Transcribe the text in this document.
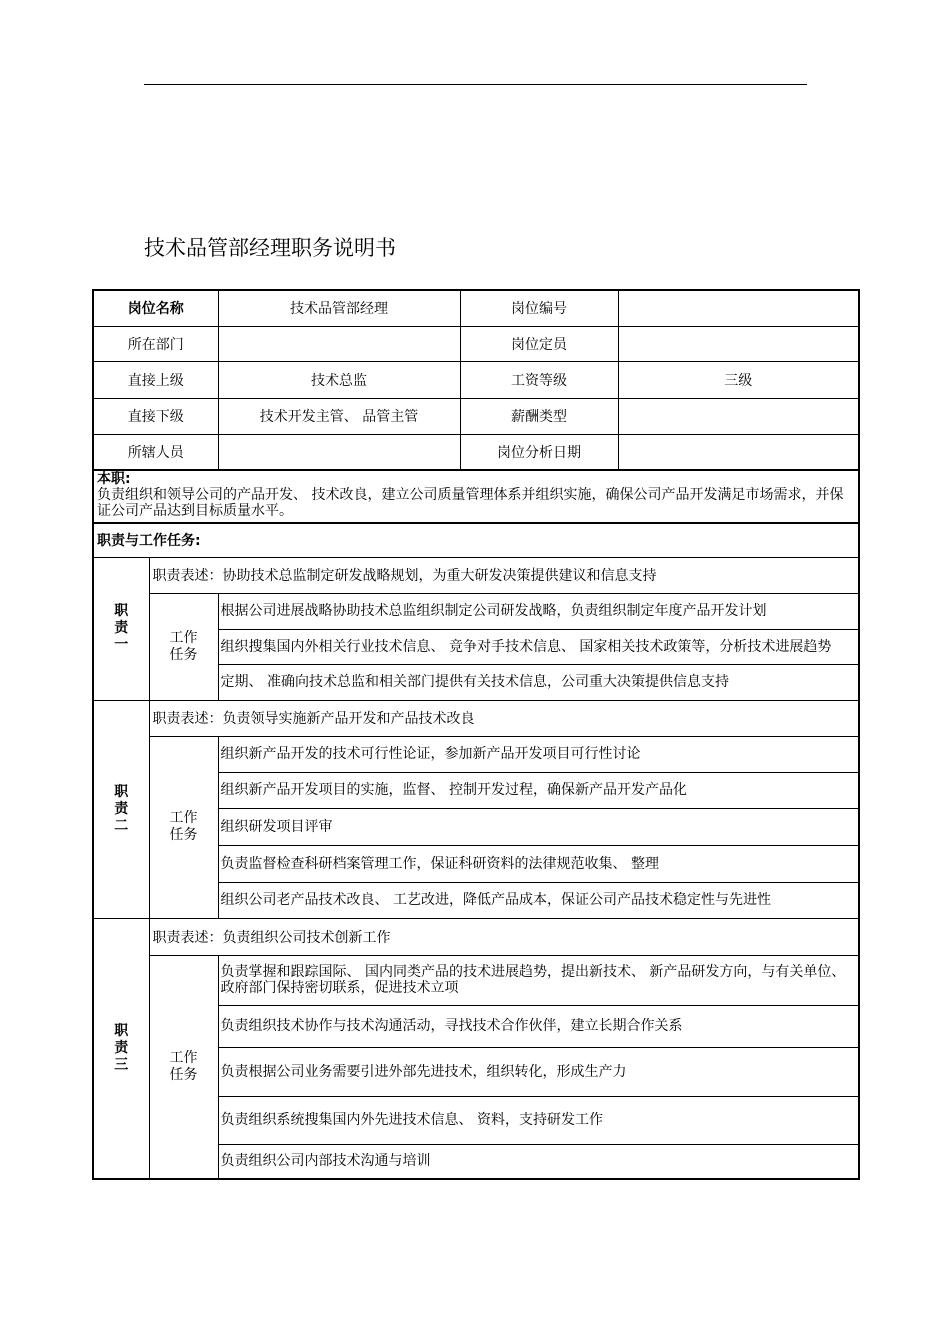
技术品管部经理职务说明书
岗位名称		技术品管部经理	岗位编号	
所在部门			岗位定员	
直接上级		技术总监	工资等级	三级
直接下级		技术开发主管、 品管主管	薪酬类型	
所辖人员			岗位分析日期	
本职:				
负责组织和领导公司的产品开发、 技术改良，建立公司质量管理体系并组织实施，确保公司产品开发满足市场需求，并保证公司产品达到目标质量水平。				
职责与工作任务:				

职
责
一	职责表述：协助技术总监制定研发战略规划，为重大研发决策提供建议和信息支持			

	工作
任务	根据公司进展战略协助技术总监组织制定公司研发战略，负责组织制定年度产品开发计划		
		组织搜集国内外相关行业技术信息、 竞争对手技术信息、 国家相关技术政策等，分析技术进展趋势		
		定期、 准确向技术总监和相关部门提供有关技术信息，公司重大决策提供信息支持		

职
责
二	职责表述：负责领导实施新产品开发和产品技术改良			

	工作
任务	组织新产品开发的技术可行性论证，参加新产品开发项目可行性讨论		
		组织新产品开发项目的实施，监督、 控制开发过程，确保新产品开发产品化		
		组织研发项目评审		
		负责监督检查科研档案管理工作，保证科研资料的法律规范收集、 整理		
		组织公司老产品技术改良、 工艺改进，降低产品成本，保证公司产品技术稳定性与先进性		

职
责
三	职责表述：负责组织公司技术创新工作			

	工作
任务	负责掌握和跟踪国际、 国内同类产品的技术进展趋势，提出新技术、 新产品研发方向，与有关单位、 政府部门保持密切联系，促进技术立项		
		负责组织技术协作与技术沟通活动，寻找技术合作伙伴，建立长期合作关系		
		负责根据公司业务需要引进外部先进技术，组织转化，形成生产力		
		负责组织系统搜集国内外先进技术信息、 资料，支持研发工作		
		负责组织公司内部技术沟通与培训		
